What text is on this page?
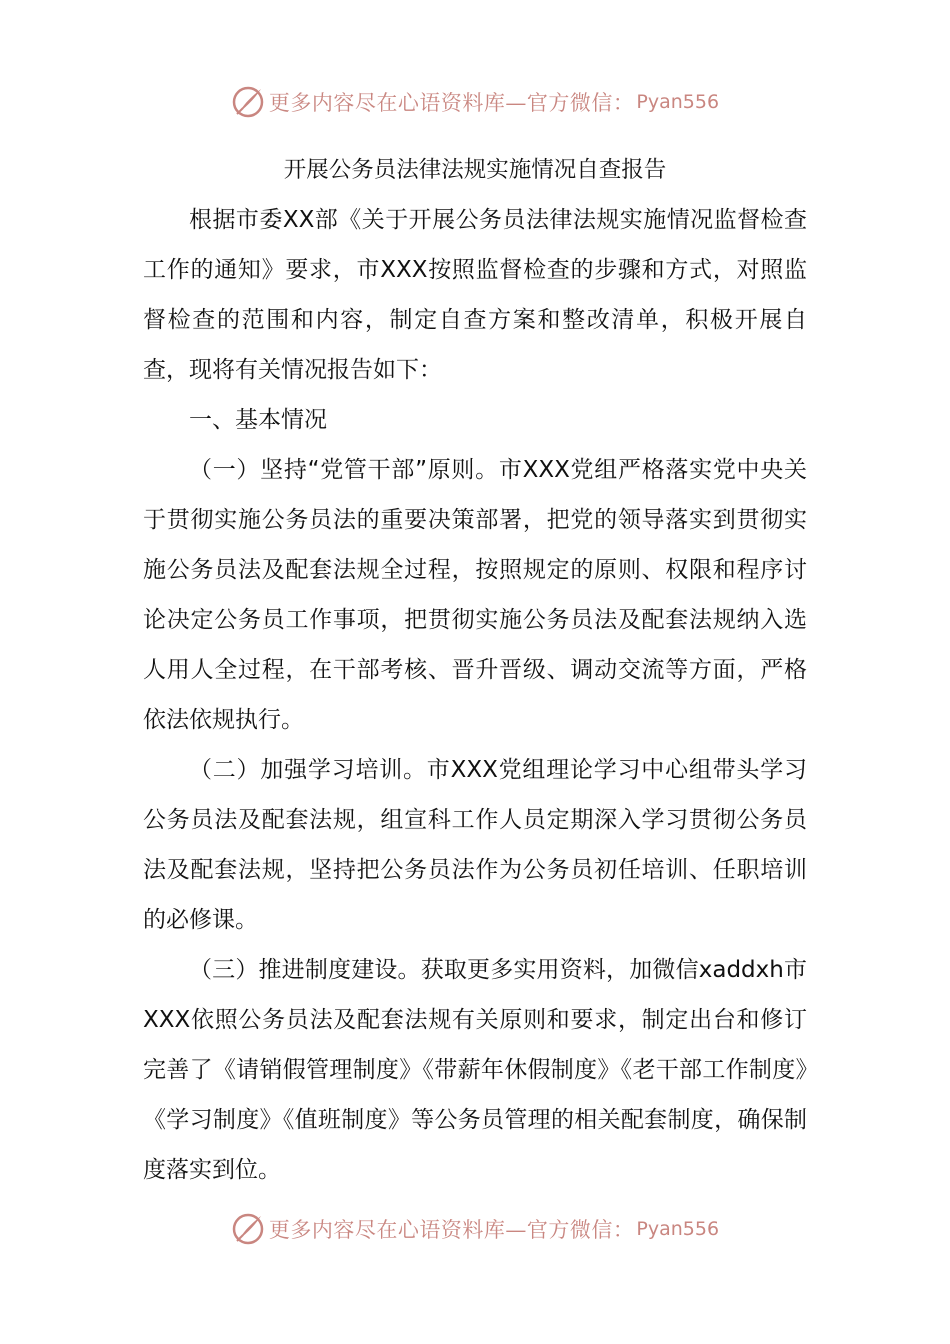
更多内容尽在心语资料库—官方微信： Pyan556
开展公务员法律法规实施情况自查报告

根据市委XX部《关于开展公务员法律法规实施情况监督检查工作的通知》要求，市XXX按照监督检查的步骤和方式，对照监督检查的范围和内容，制定自查方案和整改清单，积极开展自查，现将有关情况报告如下：

一、基本情况

（一）坚持“党管干部”原则。市XXX党组严格落实党中央关于贯彻实施公务员法的重要决策部署，把党的领导落实到贯彻实施公务员法及配套法规全过程，按照规定的原则、权限和程序讨论决定公务员工作事项，把贯彻实施公务员法及配套法规纳入选人用人全过程，在干部考核、晋升晋级、调动交流等方面，严格依法依规执行。

（二）加强学习培训。市XXX党组理论学习中心组带头学习公务员法及配套法规，组宣科工作人员定期深入学习贯彻公务员法及配套法规，坚持把公务员法作为公务员初任培训、任职培训的必修课。

（三）推进制度建设。获取更多实用资料，加微信xaddxh市XXX依照公务员法及配套法规有关原则和要求，制定出台和修订完善了《请销假管理制度》《带薪年休假制度》《老干部工作制度》《学习制度》《值班制度》等公务员管理的相关配套制度，确保制度落实到位。

更多内容尽在心语资料库—官方微信： Pyan556
